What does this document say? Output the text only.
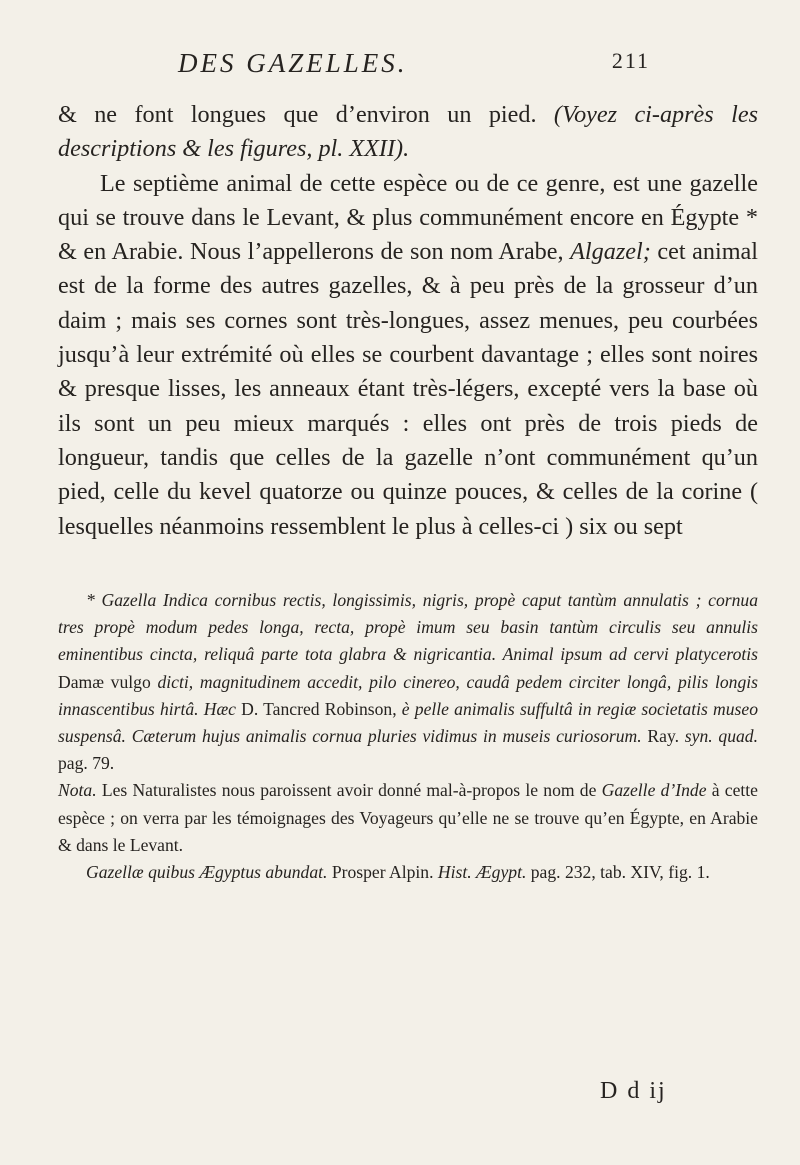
DES GAZELLES.	211

& ne font longues que d’environ un pied. (Voyez ci-après les descriptions & les figures, pl. XXII).

Le septième animal de cette espèce ou de ce genre, est une gazelle qui se trouve dans le Levant, & plus communément encore en Égypte * & en Arabie. Nous l’appellerons de son nom Arabe, Algazel; cet animal est de la forme des autres gazelles, & à peu près de la grosseur d’un daim ; mais ses cornes sont très-longues, assez menues, peu courbées jusqu’à leur extrémité où elles se courbent davantage ; elles sont noires & presque lisses, les anneaux étant très-légers, excepté vers la base où ils sont un peu mieux marqués : elles ont près de trois pieds de longueur, tandis que celles de la gazelle n’ont communément qu’un pied, celle du kevel quatorze ou quinze pouces, & celles de la corine ( lesquelles néanmoins ressemblent le plus à celles-ci ) six ou sept

* Gazella Indica cornibus rectis, longissimis, nigris, propè caput tantùm annulatis ; cornua tres propè modum pedes longa, recta, propè imum seu basin tantùm circulis seu annulis eminentibus cincta, reliquâ parte tota glabra & nigricantia. Animal ipsum ad cervi platycerotis Damæ vulgo dicti, magnitudinem accedit, pilo cinereo, caudâ pedem circiter longâ, pilis longis innascentibus hirtâ. Hæc D. Tancred Robinson, è pelle animalis suffultâ in regiæ societatis museo suspensâ. Cæterum hujus animalis cornua pluries vidimus in museis curiosorum. Ray. syn. quad. pag. 79.

Nota. Les Naturalistes nous paroissent avoir donné mal-à-propos le nom de Gazelle d’Inde à cette espèce ; on verra par les témoignages des Voyageurs qu’elle ne se trouve qu’en Égypte, en Arabie & dans le Levant.

Gazellæ quibus Ægyptus abundat. Prosper Alpin. Hist. Ægypt. pag. 232, tab. XIV, fig. 1.

D d ij
